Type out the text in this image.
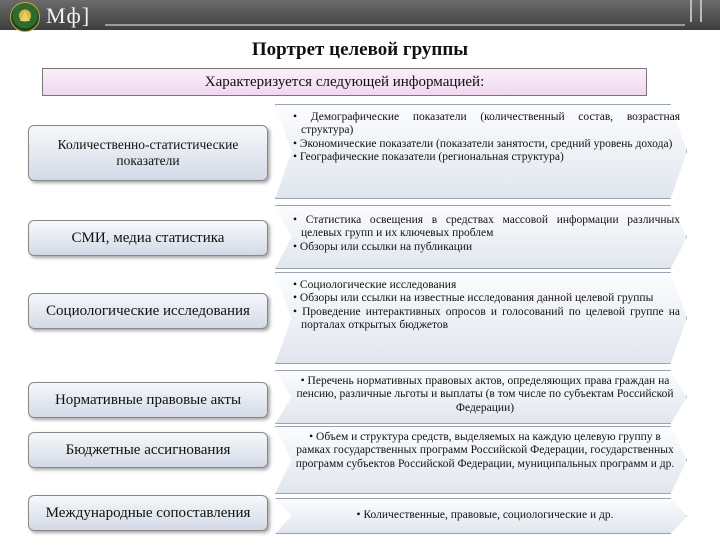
Мф]
Портрет целевой группы
Характеризуется следующей информацией:
Количественно-статистические показатели
• Демографические показатели (количественный состав, возрастная структура)
• Экономические показатели (показатели занятости, средний уровень дохода)
• Географические показатели (региональная структура)
СМИ, медиа статистика
• Статистика освещения в средствах массовой информации различных целевых групп и их ключевых проблем
• Обзоры или ссылки на публикации
Социологические исследования
• Социологические исследования
• Обзоры или ссылки на известные исследования данной целевой группы
• Проведение интерактивных опросов и голосований по целевой группе на порталах открытых бюджетов
Нормативные правовые акты
• Перечень нормативных правовых актов, определяющих права граждан на пенсию, различные льготы и выплаты (в том числе по субъектам Российской Федерации)
Бюджетные ассигнования
• Объем и структура средств, выделяемых на каждую целевую группу в рамках государственных программ Российской Федерации, государственных программ субъектов Российской Федерации, муниципальных программ и др.
Международные сопоставления
•	Количественные, правовые, социологические и др.
